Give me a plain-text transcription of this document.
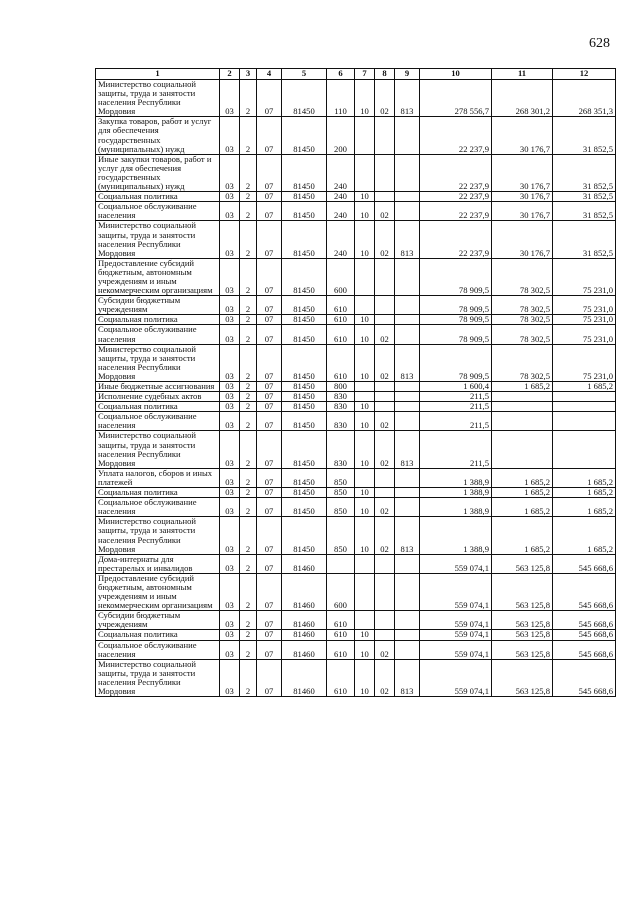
628
1	2	3	4	5	6	7	8	9	10	11	12
Министерство социальной защиты, труда и занятости населения Республики Мордовия	03	2	07	81450	110	10	02	813	278 556,7	268 301,2	268 351,3
Закупка товаров, работ и услуг для обеспечения государственных (муниципальных) нужд	03	2	07	81450	200				22 237,9	30 176,7	31 852,5
Иные закупки товаров, работ и услуг для обеспечения государственных (муниципальных) нужд	03	2	07	81450	240				22 237,9	30 176,7	31 852,5
Социальная политика	03	2	07	81450	240	10			22 237,9	30 176,7	31 852,5
Социальное обслуживание населения	03	2	07	81450	240	10	02		22 237,9	30 176,7	31 852,5
Министерство социальной защиты, труда и занятости населения Республики Мордовия	03	2	07	81450	240	10	02	813	22 237,9	30 176,7	31 852,5
Предоставление субсидий бюджетным, автономным учреждениям и иным некоммерческим организациям	03	2	07	81450	600				78 909,5	78 302,5	75 231,0
Субсидии бюджетным учреждениям	03	2	07	81450	610				78 909,5	78 302,5	75 231,0
Социальная политика	03	2	07	81450	610	10			78 909,5	78 302,5	75 231,0
Социальное обслуживание населения	03	2	07	81450	610	10	02		78 909,5	78 302,5	75 231,0
Министерство социальной защиты, труда и занятости населения Республики Мордовия	03	2	07	81450	610	10	02	813	78 909,5	78 302,5	75 231,0
Иные бюджетные ассигнования	03	2	07	81450	800				1 600,4	1 685,2	1 685,2
Исполнение судебных актов	03	2	07	81450	830				211,5		
Социальная политика	03	2	07	81450	830	10			211,5		
Социальное обслуживание населения	03	2	07	81450	830	10	02		211,5		
Министерство социальной защиты, труда и занятости населения Республики Мордовия	03	2	07	81450	830	10	02	813	211,5		
Уплата налогов, сборов и иных платежей	03	2	07	81450	850				1 388,9	1 685,2	1 685,2
Социальная политика	03	2	07	81450	850	10			1 388,9	1 685,2	1 685,2
Социальное обслуживание населения	03	2	07	81450	850	10	02		1 388,9	1 685,2	1 685,2
Министерство социальной защиты, труда и занятости населения Республики Мордовия	03	2	07	81450	850	10	02	813	1 388,9	1 685,2	1 685,2
Дома-интернаты для престарелых и инвалидов	03	2	07	81460					559 074,1	563 125,8	545 668,6
Предоставление субсидий бюджетным, автономным учреждениям и иным некоммерческим организациям	03	2	07	81460	600				559 074,1	563 125,8	545 668,6
Субсидии бюджетным учреждениям	03	2	07	81460	610				559 074,1	563 125,8	545 668,6
Социальная политика	03	2	07	81460	610	10			559 074,1	563 125,8	545 668,6
Социальное обслуживание населения	03	2	07	81460	610	10	02		559 074,1	563 125,8	545 668,6
Министерство социальной защиты, труда и занятости населения Республики Мордовия	03	2	07	81460	610	10	02	813	559 074,1	563 125,8	545 668,6
